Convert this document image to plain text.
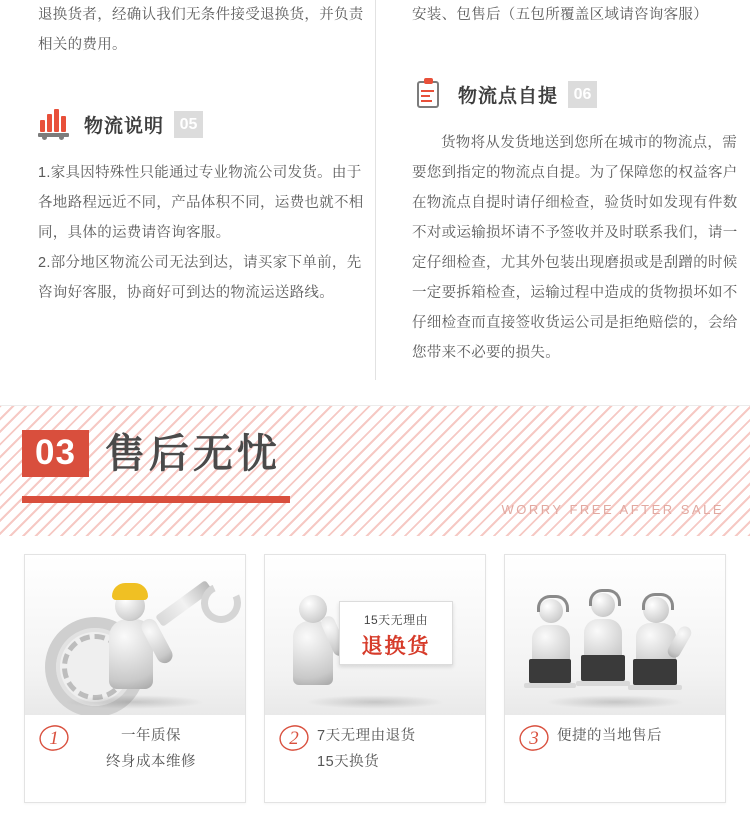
退换货者，经确认我们无条件接受退换货，并负责相关的费用。

物流说明 05

1.家具因特殊性只能通过专业物流公司发货。由于各地路程远近不同，产品体积不同，运费也就不相同，具体的运费请咨询客服。

2.部分地区物流公司无法到达，请买家下单前，先咨询好客服，协商好可到达的物流运送路线。

安装、包售后（五包所覆盖区域请咨询客服）

物流点自提 06

货物将从发货地送到您所在城市的物流点，需要您到指定的物流点自提。为了保障您的权益客户在物流点自提时请仔细检查，验货时如发现有件数不对或运输损坏请不予签收并及时联系我们，请一定仔细检查，尤其外包装出现磨损或是刮蹭的时候一定要拆箱检查，运输过程中造成的货物损坏如不仔细检查而直接签收货运公司是拒绝赔偿的，会给您带来不必要的损失。

03 售后无忧
WORRY FREE AFTER SALE
1	一年质保
终身成本维修
15天无理由
退换货
2 7天无理由退货
15天换货
3 便捷的当地售后
